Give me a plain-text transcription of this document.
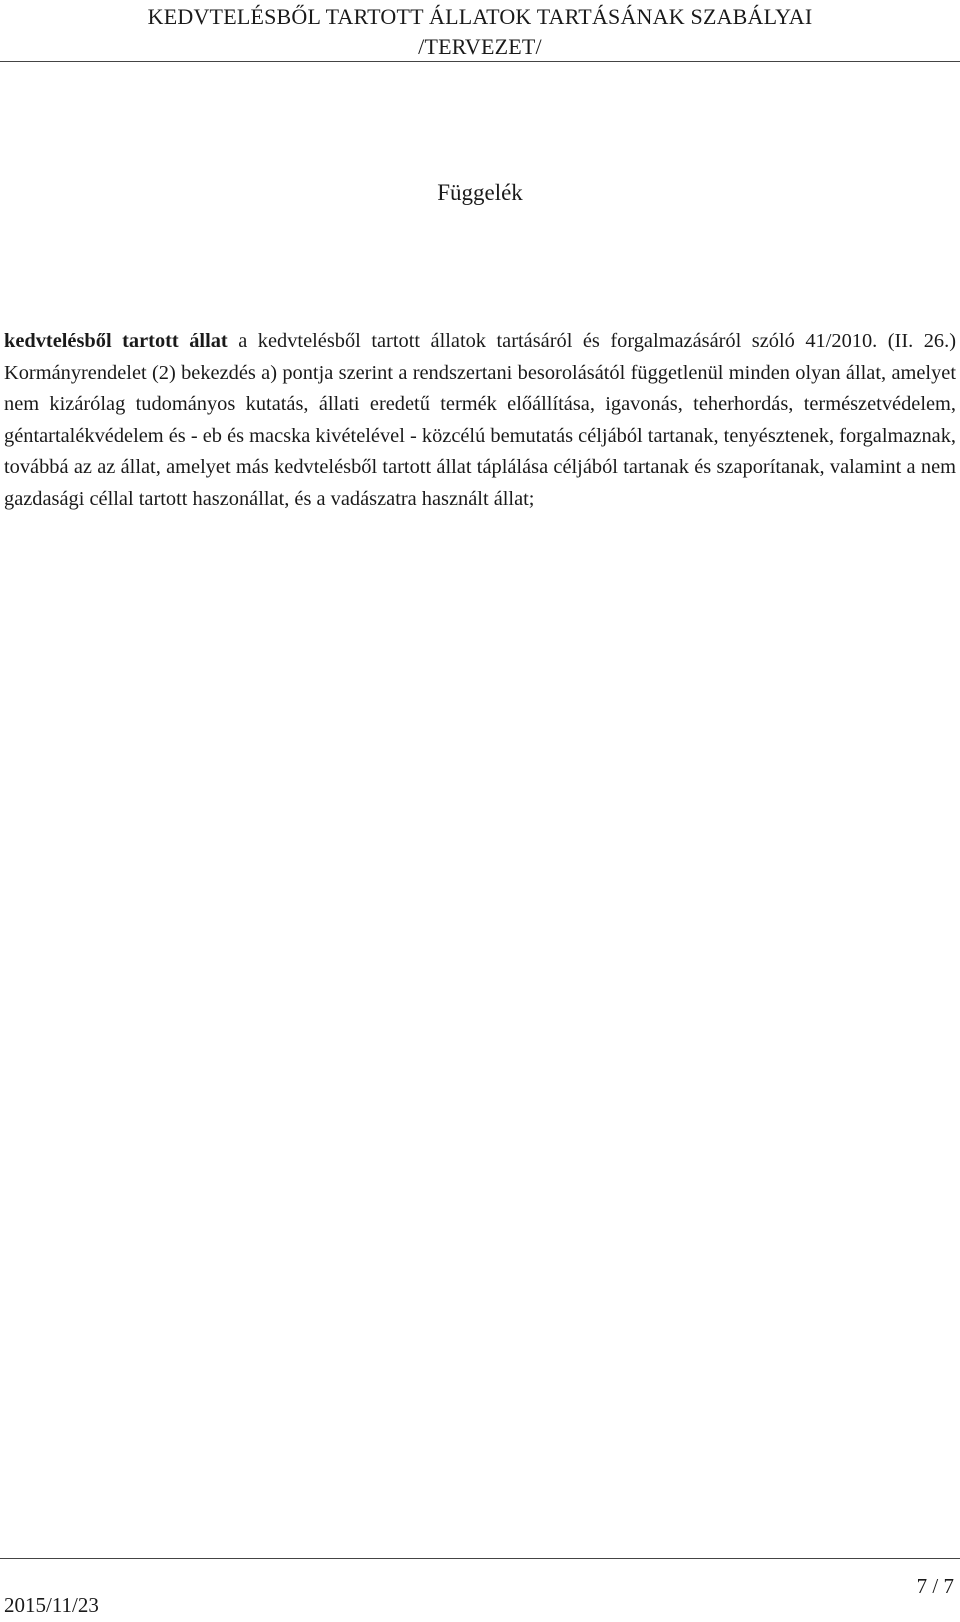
KEDVTELÉSBŐL TARTOTT ÁLLATOK TARTÁSÁNAK SZABÁLYAI
/TERVEZET/
Függelék

kedvtelésből tartott állat a kedvtelésből tartott állatok tartásáról és forgalmazásáról szóló 41/2010. (II. 26.) Kormányrendelet (2) bekezdés a) pontja szerint a rendszertani besorolásától függetlenül minden olyan állat, amelyet nem kizárólag tudományos kutatás, állati eredetű termék előállítása, igavonás, teherhordás, természetvédelem, géntartalékvédelem és - eb és macska kivételével - közcélú bemutatás céljából tartanak, tenyésztenek, forgalmaznak, továbbá az az állat, amelyet más kedvtelésből tartott állat táplálása céljából tartanak és szaporítanak, valamint a nem gazdasági céllal tartott haszonállat, és a vadászatra használt állat;

7 / 7
2015/11/23
